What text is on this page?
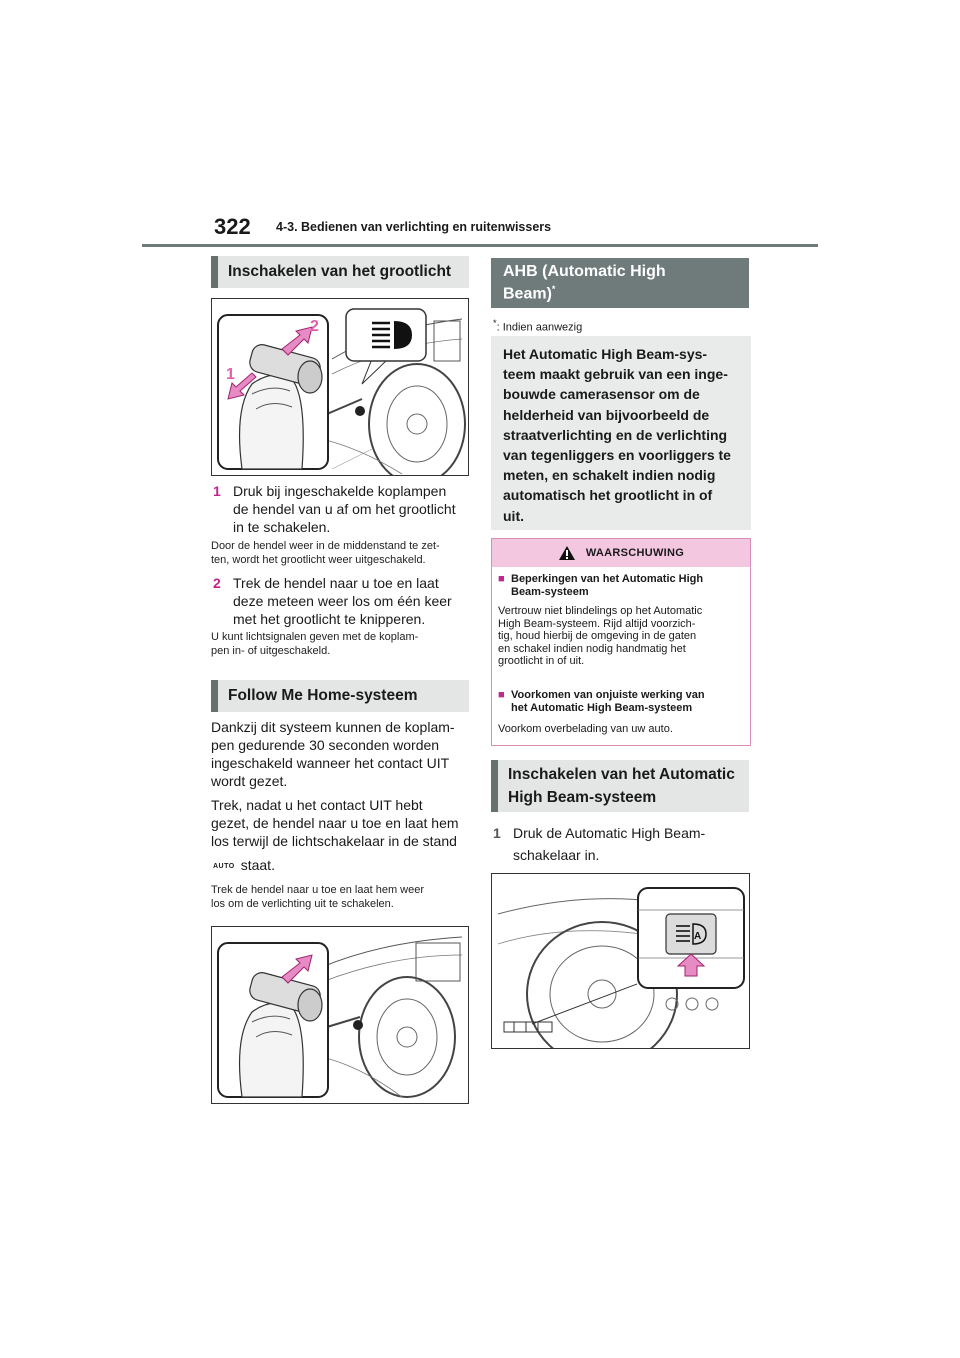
322 4-3. Bedienen van verlichting en ruitenwissers
Inschakelen van het grootlicht
2
1
1 Druk bij ingeschakelde koplampen
de hendel van u af om het grootlicht
in te schakelen.
Door de hendel weer in de middenstand te zet-
ten, wordt het grootlicht weer uitgeschakeld.
2 Trek de hendel naar u toe en laat
deze meteen weer los om één keer
met het grootlicht te knipperen.
U kunt lichtsignalen geven met de koplam-
pen in- of uitgeschakeld.
Follow Me Home-systeem
Dankzij dit systeem kunnen de koplam-
pen gedurende 30 seconden worden
ingeschakeld wanneer het contact UIT
wordt gezet.
Trek, nadat u het contact UIT hebt
gezet, de hendel naar u toe en laat hem
los terwijl de lichtschakelaar in de stand
AUTO staat.
Trek de hendel naar u toe en laat hem weer
los om de verlichting uit te schakelen.
AHB (Automatic High
Beam)*
*: Indien aanwezig
Het Automatic High Beam-sys-
teem maakt gebruik van een inge-
bouwde camerasensor om de
helderheid van bijvoorbeeld de
straatverlichting en de verlichting
van tegenliggers en voorliggers te
meten, en schakelt indien nodig
automatisch het grootlicht in of
uit.
WAARSCHUWING
■ Beperkingen van het Automatic High
Beam-systeem
Vertrouw niet blindelings op het Automatic
High Beam-systeem. Rijd altijd voorzich-
tig, houd hierbij de omgeving in de gaten
en schakel indien nodig handmatig het
grootlicht in of uit.
■ Voorkomen van onjuiste werking van
het Automatic High Beam-systeem
Voorkom overbelading van uw auto.
Inschakelen van het Automatic
High Beam-systeem
1 Druk de Automatic High Beam-
schakelaar in.
A
